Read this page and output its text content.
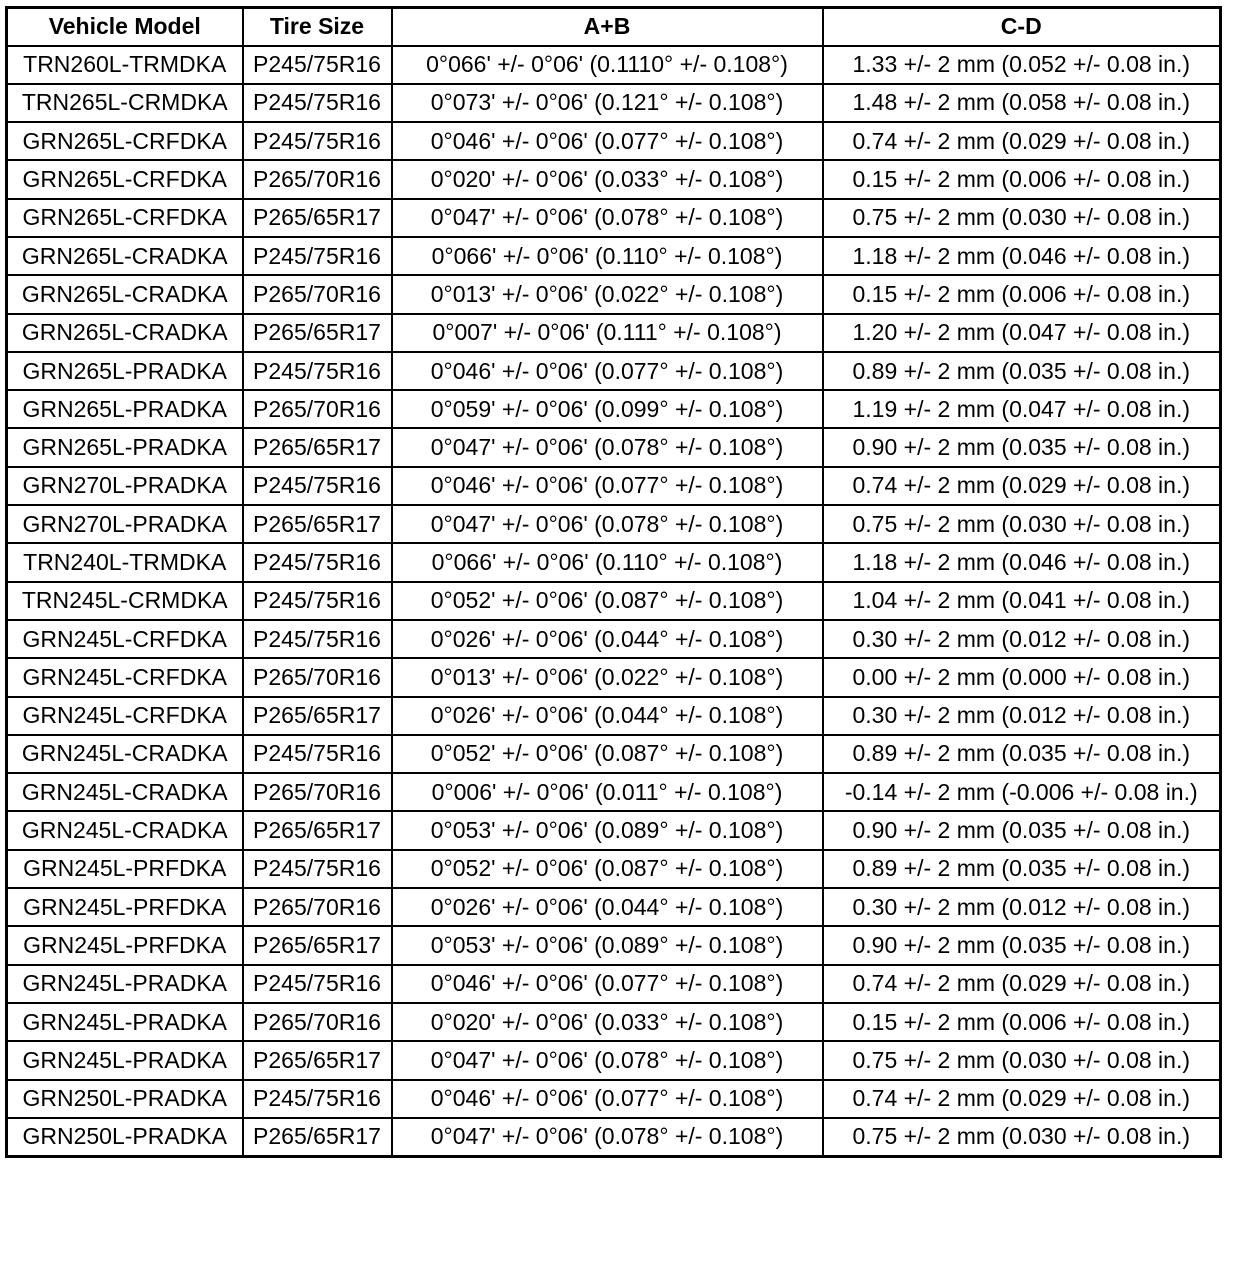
Vehicle Model	Tire Size	A+B	C-D
TRN260L-TRMDKA	P245/75R16	0°066' +/- 0°06' (0.1110° +/- 0.108°)	1.33 +/- 2 mm (0.052 +/- 0.08 in.)
TRN265L-CRMDKA	P245/75R16	0°073' +/- 0°06' (0.121° +/- 0.108°)	1.48 +/- 2 mm (0.058 +/- 0.08 in.)
GRN265L-CRFDKA	P245/75R16	0°046' +/- 0°06' (0.077° +/- 0.108°)	0.74 +/- 2 mm (0.029 +/- 0.08 in.)
GRN265L-CRFDKA	P265/70R16	0°020' +/- 0°06' (0.033° +/- 0.108°)	0.15 +/- 2 mm (0.006 +/- 0.08 in.)
GRN265L-CRFDKA	P265/65R17	0°047' +/- 0°06' (0.078° +/- 0.108°)	0.75 +/- 2 mm (0.030 +/- 0.08 in.)
GRN265L-CRADKA	P245/75R16	0°066' +/- 0°06' (0.110° +/- 0.108°)	1.18 +/- 2 mm (0.046 +/- 0.08 in.)
GRN265L-CRADKA	P265/70R16	0°013' +/- 0°06' (0.022° +/- 0.108°)	0.15 +/- 2 mm (0.006 +/- 0.08 in.)
GRN265L-CRADKA	P265/65R17	0°007' +/- 0°06' (0.111° +/- 0.108°)	1.20 +/- 2 mm (0.047 +/- 0.08 in.)
GRN265L-PRADKA	P245/75R16	0°046' +/- 0°06' (0.077° +/- 0.108°)	0.89 +/- 2 mm (0.035 +/- 0.08 in.)
GRN265L-PRADKA	P265/70R16	0°059' +/- 0°06' (0.099° +/- 0.108°)	1.19 +/- 2 mm (0.047 +/- 0.08 in.)
GRN265L-PRADKA	P265/65R17	0°047' +/- 0°06' (0.078° +/- 0.108°)	0.90 +/- 2 mm (0.035 +/- 0.08 in.)
GRN270L-PRADKA	P245/75R16	0°046' +/- 0°06' (0.077° +/- 0.108°)	0.74 +/- 2 mm (0.029 +/- 0.08 in.)
GRN270L-PRADKA	P265/65R17	0°047' +/- 0°06' (0.078° +/- 0.108°)	0.75 +/- 2 mm (0.030 +/- 0.08 in.)
TRN240L-TRMDKA	P245/75R16	0°066' +/- 0°06' (0.110° +/- 0.108°)	1.18 +/- 2 mm (0.046 +/- 0.08 in.)
TRN245L-CRMDKA	P245/75R16	0°052' +/- 0°06' (0.087° +/- 0.108°)	1.04 +/- 2 mm (0.041 +/- 0.08 in.)
GRN245L-CRFDKA	P245/75R16	0°026' +/- 0°06' (0.044° +/- 0.108°)	0.30 +/- 2 mm (0.012 +/- 0.08 in.)
GRN245L-CRFDKA	P265/70R16	0°013' +/- 0°06' (0.022° +/- 0.108°)	0.00 +/- 2 mm (0.000 +/- 0.08 in.)
GRN245L-CRFDKA	P265/65R17	0°026' +/- 0°06' (0.044° +/- 0.108°)	0.30 +/- 2 mm (0.012 +/- 0.08 in.)
GRN245L-CRADKA	P245/75R16	0°052' +/- 0°06' (0.087° +/- 0.108°)	0.89 +/- 2 mm (0.035 +/- 0.08 in.)
GRN245L-CRADKA	P265/70R16	0°006' +/- 0°06' (0.011° +/- 0.108°)	-0.14 +/- 2 mm (-0.006 +/- 0.08 in.)
GRN245L-CRADKA	P265/65R17	0°053' +/- 0°06' (0.089° +/- 0.108°)	0.90 +/- 2 mm (0.035 +/- 0.08 in.)
GRN245L-PRFDKA	P245/75R16	0°052' +/- 0°06' (0.087° +/- 0.108°)	0.89 +/- 2 mm (0.035 +/- 0.08 in.)
GRN245L-PRFDKA	P265/70R16	0°026' +/- 0°06' (0.044° +/- 0.108°)	0.30 +/- 2 mm (0.012 +/- 0.08 in.)
GRN245L-PRFDKA	P265/65R17	0°053' +/- 0°06' (0.089° +/- 0.108°)	0.90 +/- 2 mm (0.035 +/- 0.08 in.)
GRN245L-PRADKA	P245/75R16	0°046' +/- 0°06' (0.077° +/- 0.108°)	0.74 +/- 2 mm (0.029 +/- 0.08 in.)
GRN245L-PRADKA	P265/70R16	0°020' +/- 0°06' (0.033° +/- 0.108°)	0.15 +/- 2 mm (0.006 +/- 0.08 in.)
GRN245L-PRADKA	P265/65R17	0°047' +/- 0°06' (0.078° +/- 0.108°)	0.75 +/- 2 mm (0.030 +/- 0.08 in.)
GRN250L-PRADKA	P245/75R16	0°046' +/- 0°06' (0.077° +/- 0.108°)	0.74 +/- 2 mm (0.029 +/- 0.08 in.)
GRN250L-PRADKA	P265/65R17	0°047' +/- 0°06' (0.078° +/- 0.108°)	0.75 +/- 2 mm (0.030 +/- 0.08 in.)
